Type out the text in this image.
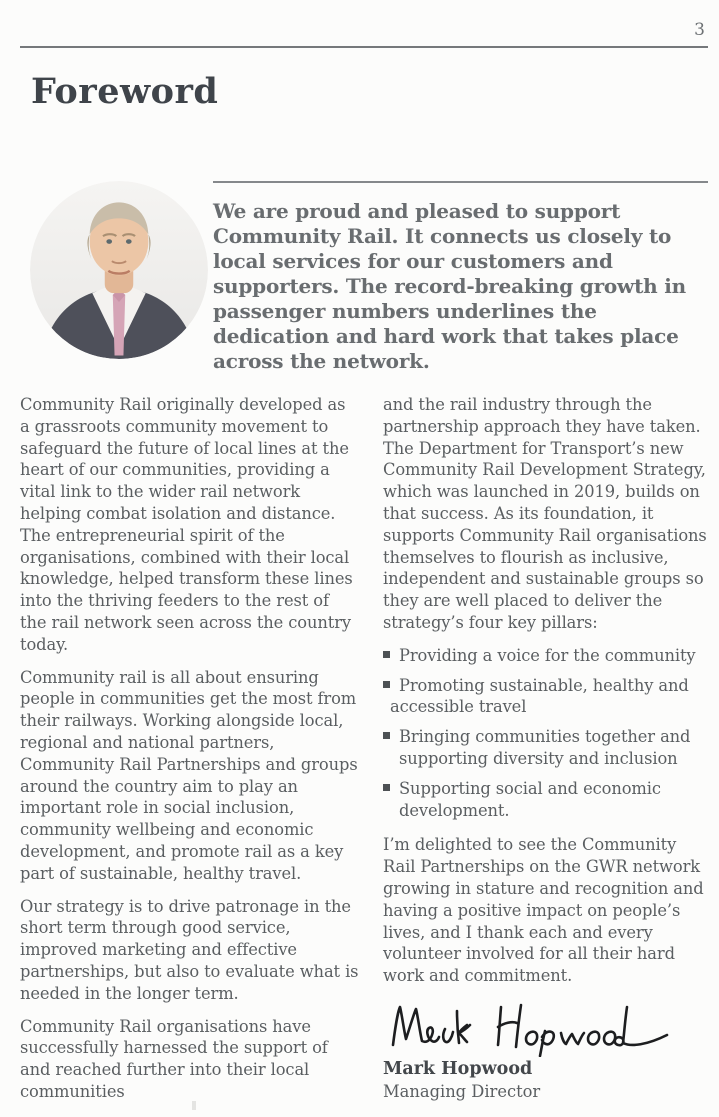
3
Foreword
We are proud and pleased to support Community Rail. It connects us closely to local services for our customers and supporters. The record-breaking growth in passenger numbers underlines the dedication and hard work that takes place across the network.

Community Rail originally developed as a grassroots community movement to safeguard the future of local lines at the heart of our communities, providing a vital link to the wider rail network helping combat isolation and distance. The entrepreneurial spirit of the organisations, combined with their local knowledge, helped transform these lines into the thriving feeders to the rest of the rail network seen across the country today.

Community rail is all about ensuring people in communities get the most from their railways. Working alongside local, regional and national partners, Community Rail Partnerships and groups around the country aim to play an important role in social inclusion, community wellbeing and economic development, and promote rail as a key part of sustainable, healthy travel.

Our strategy is to drive patronage in the short term through good service, improved marketing and effective partnerships, but also to evaluate what is needed in the longer term.

Community Rail organisations have successfully harnessed the support of and reached further into their local communities

and the rail industry through the partnership approach they have taken. The Department for Transport’s new Community Rail Development Strategy, which was launched in 2019, builds on that success. As its foundation, it supports Community Rail organisations themselves to flourish as inclusive, independent and sustainable groups so they are well placed to deliver the strategy’s four key pillars:

Providing a voice for the community
Promoting sustainable, healthy and accessible travel
Bringing communities together and supporting diversity and inclusion
Supporting social and economic development.

I’m delighted to see the Community Rail Partnerships on the GWR network growing in stature and recognition and having a positive impact on people’s lives, and I thank each and every volunteer involved for all their hard work and commitment.

Mark Hopwood
Managing Director
